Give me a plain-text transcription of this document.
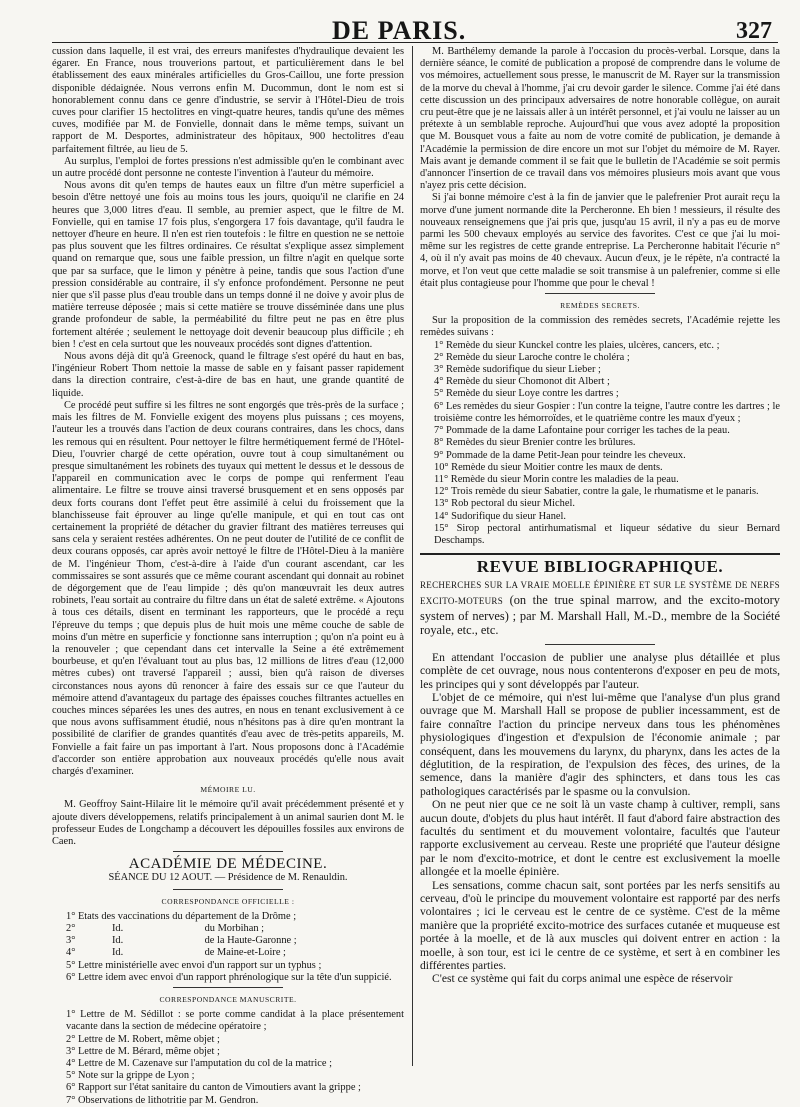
DE PARIS.	327

cussion dans laquelle, il est vrai, des erreurs manifestes d'hydraulique devaient les égarer. En France, nous trouverions partout, et particulièrement dans le bel établissement des eaux minérales artificielles du Gros-Caillou, une forte pression disponible dédaignée. Nous verrons enfin M. Ducommun, dont le nom est si honorablement connu dans ce genre d'industrie, se servir à l'Hôtel-Dieu de trois cuves pour clarifier 15 hectolitres en vingt-quatre heures, tandis qu'une des mêmes cuves, modifiée par M. de Fonvielle, donnait dans le même temps, suivant un rapport de M. Desportes, administrateur des hôpitaux, 900 hectolitres d'eau parfaitement filtrée, au lieu de 5.

Au surplus, l'emploi de fortes pressions n'est admissible qu'en le combinant avec un autre procédé dont personne ne conteste l'invention à l'auteur du mémoire.

Nous avons dit qu'en temps de hautes eaux un filtre d'un mètre superficiel a besoin d'être nettoyé une fois au moins tous les jours, quoiqu'il ne clarifie en 24 heures que 3,000 litres d'eau. Il semble, au premier aspect, que le filtre de M. Fonvielle, qui en tamise 17 fois plus, s'engorgera 17 fois davantage, qu'il faudra le nettoyer d'heure en heure. Il n'en est rien toutefois : le filtre en question ne se nettoie pas plus souvent que les filtres ordinaires. Ce résultat s'explique assez simplement quand on remarque que, sous une faible pression, un filtre n'agit en quelque sorte que par sa surface, que le limon y pénètre à peine, tandis que sous l'action d'une pression considérable au contraire, il s'y enfonce profondément. Personne ne peut nier que s'il passe plus d'eau trouble dans un temps donné il ne doive y avoir plus de matière terreuse déposée ; mais si cette matière se trouve disséminée dans une plus grande profondeur de sable, la perméabilité du filtre peut ne pas en être plus fortement altérée ; seulement le nettoyage doit devenir beaucoup plus difficile ; eh bien ! c'est en cela surtout que les nouveaux procédés sont dignes d'attention.

Nous avons déjà dit qu'à Greenock, quand le filtrage s'est opéré du haut en bas, l'ingénieur Robert Thom nettoie la masse de sable en y faisant passer rapidement dans la direction contraire, c'est-à-dire de bas en haut, une grande quantité de liquide.

Ce procédé peut suffire si les filtres ne sont engorgés que très-près de la surface ; mais les filtres de M. Fonvielle exigent des moyens plus puissans ; ces moyens, l'auteur les a trouvés dans l'action de deux courans contraires, dans les chocs, dans les remous qui en résultent. Pour nettoyer le filtre hermétiquement fermé de l'Hôtel-Dieu, l'ouvrier chargé de cette opération, ouvre tout à coup simultanément ou presque simultanément les robinets des tuyaux qui mettent le dessus et le dessous de l'appareil en communication avec le corps de pompe qui renferment l'eau alimentaire. Le filtre se trouve ainsi traversé brusquement et en sens opposés par deux forts courans dont l'effet peut être assimilé à celui du froissement que la blanchisseuse fait éprouver au linge qu'elle manipule, et qui en tout cas ont certainement la propriété de détacher du gravier filtrant des matières terreuses qui sans cela y seraient restées adhérentes. On ne peut douter de l'utilité de ce conflit de deux courans opposés, car après avoir nettoyé le filtre de l'Hôtel-Dieu à la manière de M. l'ingénieur Thom, c'est-à-dire à l'aide d'un courant ascendant, car les commissaires se sont assurés que ce même courant ascendant qui donnait au robinet de dégorgement que de l'eau limpide ; dès qu'on manœuvrait les deux autres robinets, l'eau sortait au contraire du filtre dans un état de saleté extrême. « Ajoutons à tous ces détails, disent en terminant les rapporteurs, que le procédé a reçu l'épreuve du temps ; que depuis plus de huit mois une même couche de sable de moins d'un mètre en superficie y fonctionne sans interruption ; qu'on n'a point eu à la renouveler ; que cependant dans cet intervalle la Seine a été extrêmement bourbeuse, et qu'en l'évaluant tout au plus bas, 12 millions de litres d'eau (12,000 mètres cubes) ont traversé l'appareil ; aussi, bien qu'à raison de diverses circonstances nous ayons dû renoncer à faire des essais sur ce que l'auteur du mémoire attend d'avantageux du partage des épaisses couches filtrantes actuelles en couches minces séparées les unes des autres, en nous en tenant exclusivement à ce que nous avons suffisamment étudié, nous n'hésitons pas à dire qu'en montrant la possibilité de clarifier de grandes quantités d'eau avec de très-petits appareils, M. Fonvielle a fait faire un pas important à l'art. Nous proposons donc à l'Académie d'accorder son entière approbation aux nouveaux procédés qu'elle nous avait chargés d'examiner.

MÉMOIRE LU.

M. Geoffroy Saint-Hilaire lit le mémoire qu'il avait précédemment présenté et y ajoute divers développemens, relatifs principalement à un animal saurien dont M. le professeur Eudes de Longchamp a découvert les dépouilles fossiles aux environs de Caen.

ACADÉMIE DE MÉDECINE.
SÉANCE DU 12 AOUT. — Présidence de M. Renauldin.
CORRESPONDANCE OFFICIELLE :

1° Etats des vaccinations du département de la Drôme ;

2°	Id.	du Morbihan ;

3°	Id.	de la Haute-Garonne ;

4°	Id.	de Maine-et-Loire ;

5° Lettre ministérielle avec envoi d'un rapport sur un typhus ;

6° Lettre idem avec envoi d'un rapport phrénologique sur la tête d'un suppicié.

CORRESPONDANCE MANUSCRITE.

1° Lettre de M. Sédillot : se porte comme candidat à la place présentement vacante dans la section de médecine opératoire ;

2° Lettre de M. Robert, même objet ;

3° Lettre de M. Bérard, même objet ;

4° Lettre de M. Cazenave sur l'amputation du col de la matrice ;

5° Note sur la grippe de Lyon ;

6° Rapport sur l'état sanitaire du canton de Vimoutiers avant la grippe ;

7° Observations de lithotritie par M. Gendron.

M. Barthélemy demande la parole à l'occasion du procès-verbal. Lorsque, dans la dernière séance, le comité de publication a proposé de comprendre dans le volume de vos mémoires, actuellement sous presse, le manuscrit de M. Rayer sur la transmission de la morve du cheval à l'homme, j'ai cru devoir garder le silence. Comme j'ai été dans cette discussion un des principaux adversaires de notre honorable collègue, on aurait cru peut-être que je ne laissais aller à un intérêt personnel, et j'ai voulu ne laisser au un prétexte à un semblable reproche. Aujourd'hui que vous avez adopté la proposition que M. Bousquet vous a faite au nom de votre comité de publication, je demande à l'Académie la permission de dire encore un mot sur l'objet du mémoire de M. Rayer. Mais avant je demande comment il se fait que le bulletin de l'Académie se soit permis d'annoncer l'insertion de ce travail dans vos mémoires plusieurs mois avant que vous n'ayez pris cette décision.

Si j'ai bonne mémoire c'est à la fin de janvier que le palefrenier Prot aurait reçu la morve d'une jument normande dite la Percheronne. Eh bien ! messieurs, il résulte des nouveaux renseignemens que j'ai pris que, jusqu'au 15 avril, il n'y a pas eu de morve parmi les 500 chevaux employés au service des favorites. C'est ce que j'ai lu moi-même sur les registres de cette grande entreprise. La Percheronne habitait l'écurie n° 4, où il n'y avait pas moins de 40 chevaux. Aucun d'eux, je le répète, n'a contracté la morve, et l'on veut que cette maladie se soit transmise à un palefrenier, comme si elle était plus contagieuse pour l'homme que pour le cheval !

REMÈDES SECRETS.

Sur la proposition de la commission des remèdes secrets, l'Académie rejette les remèdes suivans :

1° Remède du sieur Kunckel contre les plaies, ulcères, cancers, etc. ;

2° Remède du sieur Laroche contre le choléra ;

3° Remède sudorifique du sieur Lieber ;

4° Remède du sieur Chomonot dit Albert ;

5° Remède du sieur Loye contre les dartres ;

6° Les remèdes du sieur Gospier : l'un contre la teigne, l'autre contre les dartres ; le troisième contre les hémorroïdes, et le quatrième contre les maux d'yeux ;

7° Pommade de la dame Lafontaine pour corriger les taches de la peau.

8° Remèdes du sieur Brenier contre les brûlures.

9° Pommade de la dame Petit-Jean pour teindre les cheveux.

10° Remède du sieur Moitier contre les maux de dents.

11° Remède du sieur Morin contre les maladies de la peau.

12° Trois remède du sieur Sabatier, contre la gale, le rhumatisme et le panaris.

13° Rob pectoral du sieur Michel.

14° Sudorifique du sieur Hanel.

15° Sirop pectoral antirhumatismal et liqueur sédative du sieur Bernard Deschamps.

REVUE BIBLIOGRAPHIQUE.

RECHERCHES SUR LA VRAIE MOELLE ÉPINIÈRE ET SUR LE SYSTÈME DE NERFS EXCITO-MOTEURS (on the true spinal marrow, and the excito-motory system of nerves) ; par M. Marshall Hall, M.-D., membre de la Société royale, etc., etc.

En attendant l'occasion de publier une analyse plus détaillée et plus complète de cet ouvrage, nous nous contenterons d'exposer en peu de mots, les principes qui y sont développés par l'auteur.

L'objet de ce mémoire, qui n'est lui-même que l'analyse d'un plus grand ouvrage que M. Marshall Hall se propose de publier incessamment, est de faire connaître l'action du principe nerveux dans tous les phénomènes physiologiques d'ingestion et d'expulsion de l'économie animale ; par conséquent, dans les mouvemens du larynx, du pharynx, dans les actes de la déglutition, de la respiration, de l'expulsion des fèces, des urines, de la semence, dans la manière d'agir des sphincters, et dans tous les cas pathologiques caractérisés par le spasme ou la convulsion.

On ne peut nier que ce ne soit là un vaste champ à cultiver, rempli, sans aucun doute, d'objets du plus haut intérêt. Il faut d'abord faire abstraction des facultés du sentiment et du mouvement volontaire, facultés que l'auteur rapporte exclusivement au cerveau. Reste une propriété que l'auteur désigne par le nom d'excito-motrice, et dont le centre est exclusivement la moelle allongée et la moelle épinière.

Les sensations, comme chacun sait, sont portées par les nerfs sensitifs au cerveau, d'où le principe du mouvement volontaire est rapporté par des nerfs volontaires ; ici le cerveau est le centre de ce système. C'est de la même manière que la propriété excito-motrice des surfaces cutanée et muqueuse est portée à la moelle, et de là aux muscles qui doivent entrer en action : la moelle, à son tour, est ici le centre de ce système, et sert à en combiner les différentes parties.

C'est ce système qui fait du corps animal une espèce de réservoir
